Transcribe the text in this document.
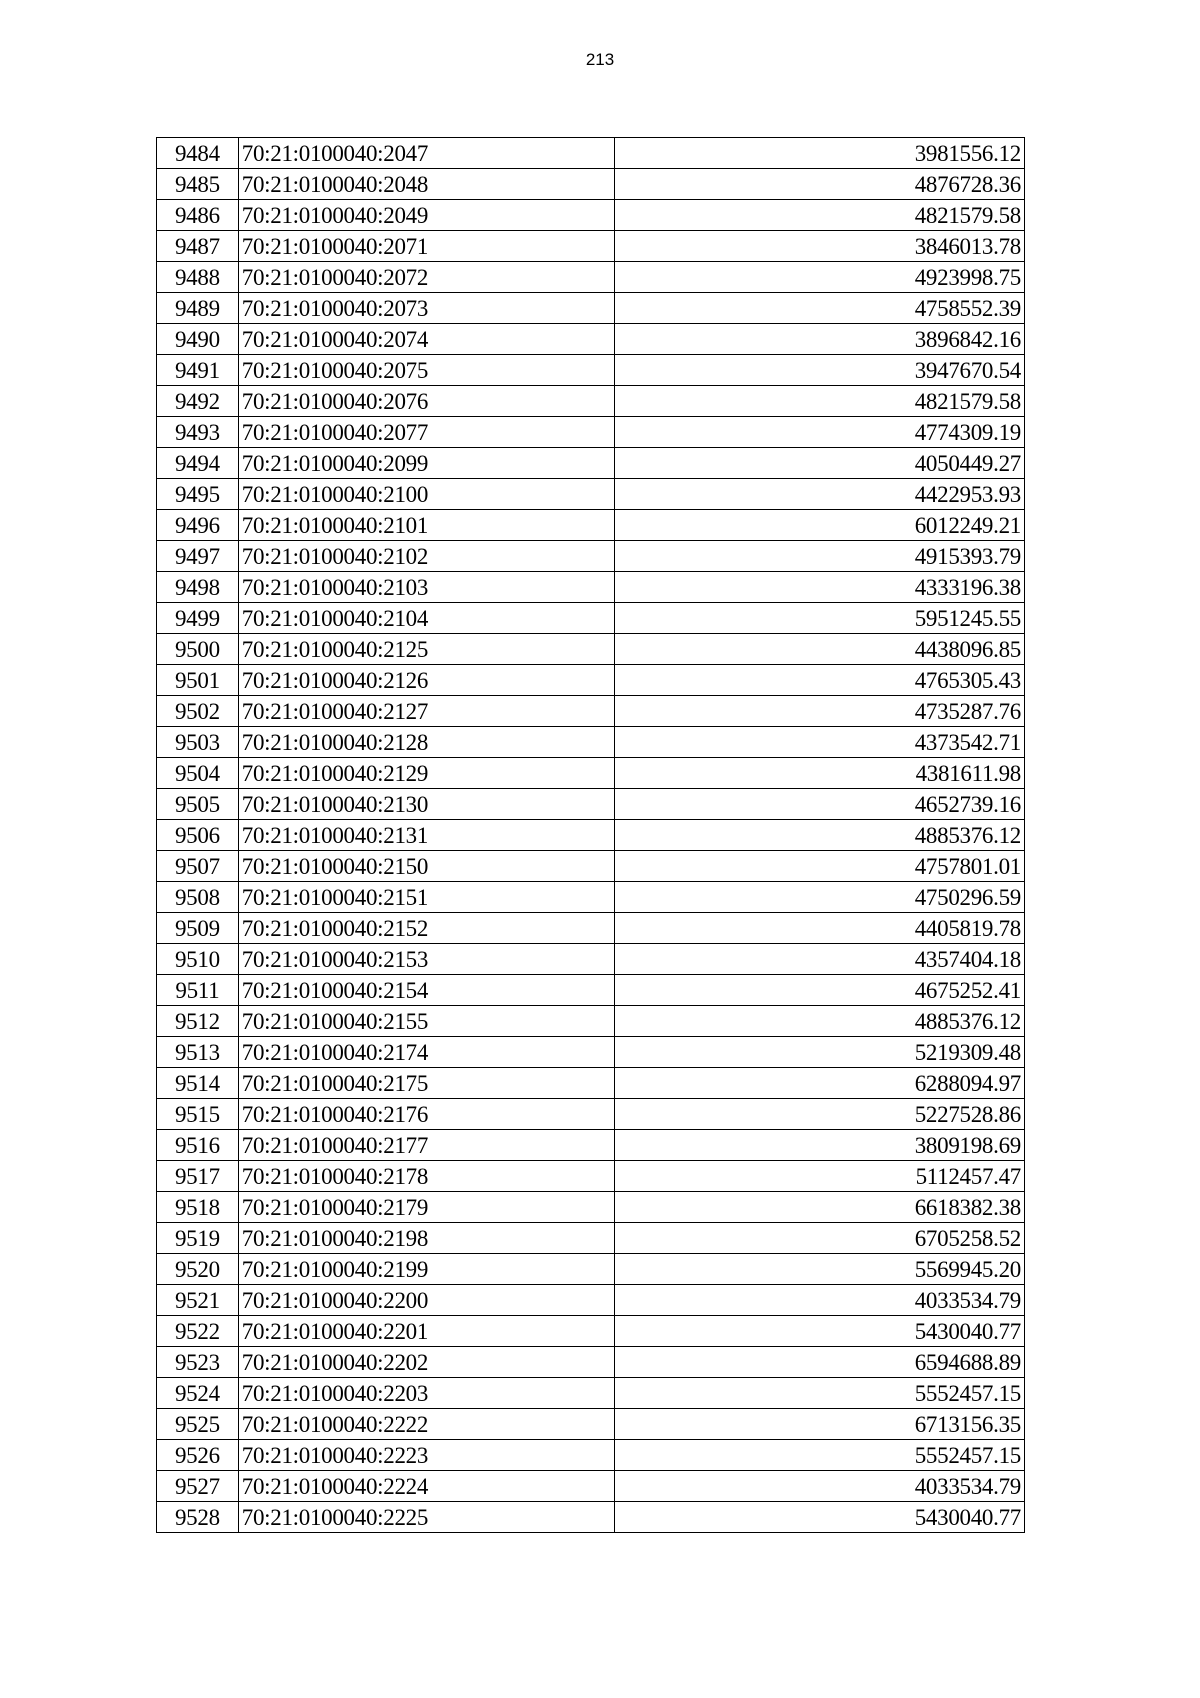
213
9484	70:21:0100040:2047	3981556.12
9485	70:21:0100040:2048	4876728.36
9486	70:21:0100040:2049	4821579.58
9487	70:21:0100040:2071	3846013.78
9488	70:21:0100040:2072	4923998.75
9489	70:21:0100040:2073	4758552.39
9490	70:21:0100040:2074	3896842.16
9491	70:21:0100040:2075	3947670.54
9492	70:21:0100040:2076	4821579.58
9493	70:21:0100040:2077	4774309.19
9494	70:21:0100040:2099	4050449.27
9495	70:21:0100040:2100	4422953.93
9496	70:21:0100040:2101	6012249.21
9497	70:21:0100040:2102	4915393.79
9498	70:21:0100040:2103	4333196.38
9499	70:21:0100040:2104	5951245.55
9500	70:21:0100040:2125	4438096.85
9501	70:21:0100040:2126	4765305.43
9502	70:21:0100040:2127	4735287.76
9503	70:21:0100040:2128	4373542.71
9504	70:21:0100040:2129	4381611.98
9505	70:21:0100040:2130	4652739.16
9506	70:21:0100040:2131	4885376.12
9507	70:21:0100040:2150	4757801.01
9508	70:21:0100040:2151	4750296.59
9509	70:21:0100040:2152	4405819.78
9510	70:21:0100040:2153	4357404.18
9511	70:21:0100040:2154	4675252.41
9512	70:21:0100040:2155	4885376.12
9513	70:21:0100040:2174	5219309.48
9514	70:21:0100040:2175	6288094.97
9515	70:21:0100040:2176	5227528.86
9516	70:21:0100040:2177	3809198.69
9517	70:21:0100040:2178	5112457.47
9518	70:21:0100040:2179	6618382.38
9519	70:21:0100040:2198	6705258.52
9520	70:21:0100040:2199	5569945.20
9521	70:21:0100040:2200	4033534.79
9522	70:21:0100040:2201	5430040.77
9523	70:21:0100040:2202	6594688.89
9524	70:21:0100040:2203	5552457.15
9525	70:21:0100040:2222	6713156.35
9526	70:21:0100040:2223	5552457.15
9527	70:21:0100040:2224	4033534.79
9528	70:21:0100040:2225	5430040.77
